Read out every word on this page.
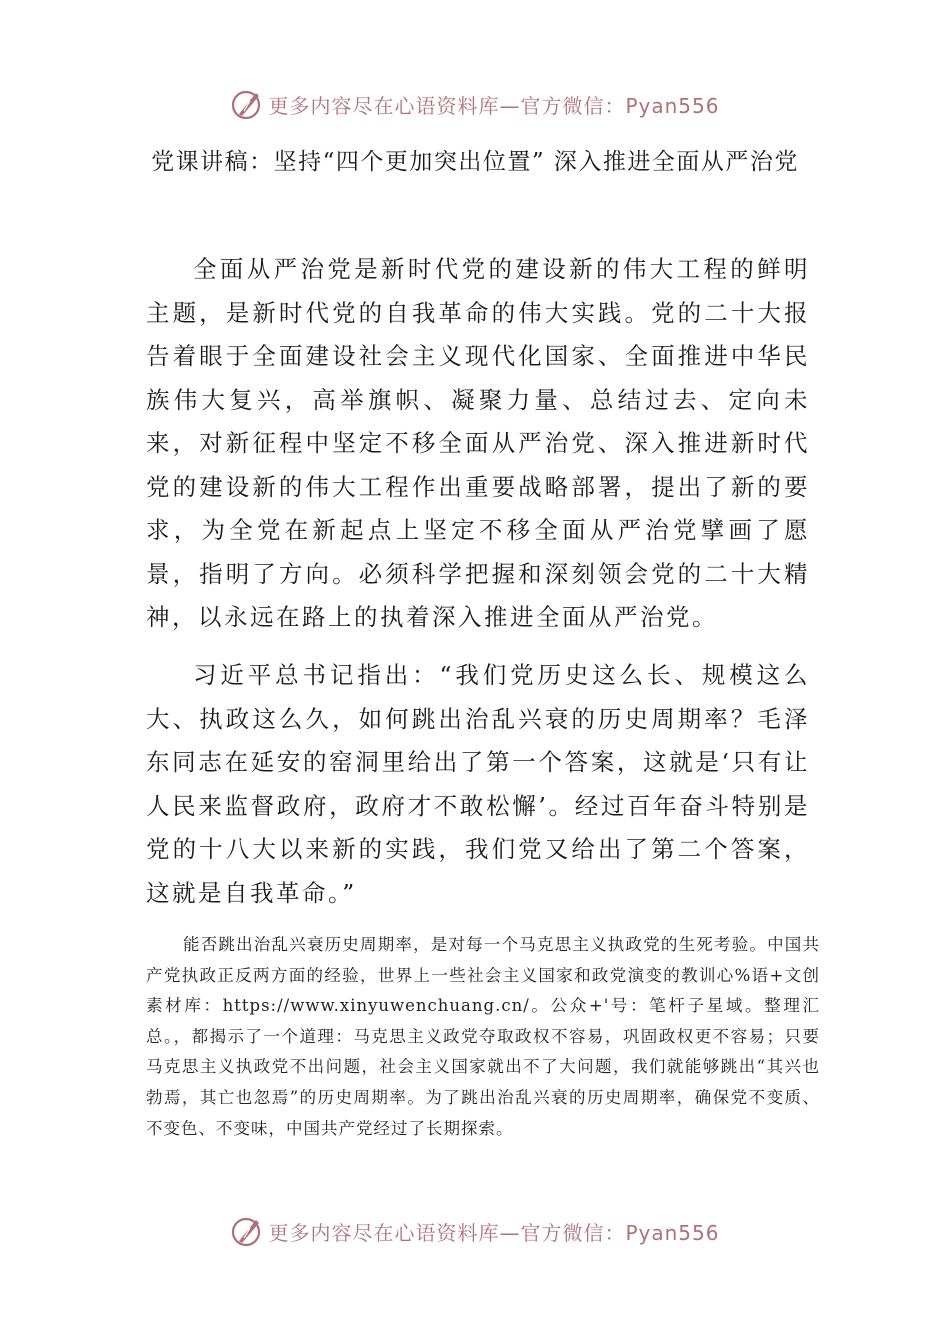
更多内容尽在心语资料库—官方微信：Pyan556
党课讲稿：坚持“四个更加突出位置” 深入推进全面从严治党

全面从严治党是新时代党的建设新的伟大工程的鲜明主题，是新时代党的自我革命的伟大实践。党的二十大报告着眼于全面建设社会主义现代化国家、全面推进中华民族伟大复兴，高举旗帜、凝聚力量、总结过去、定向未来，对新征程中坚定不移全面从严治党、深入推进新时代党的建设新的伟大工程作出重要战略部署，提出了新的要求，为全党在新起点上坚定不移全面从严治党擘画了愿景，指明了方向。必须科学把握和深刻领会党的二十大精神，以永远在路上的执着深入推进全面从严治党。

习近平总书记指出：“我们党历史这么长、规模这么大、执政这么久，如何跳出治乱兴衰的历史周期率？毛泽东同志在延安的窑洞里给出了第一个答案，这就是‘只有让人民来监督政府，政府才不敢松懈’。经过百年奋斗特别是党的十八大以来新的实践，我们党又给出了第二个答案，这就是自我革命。”

能否跳出治乱兴衰历史周期率，是对每一个马克思主义执政党的生死考验。中国共产党执政正反两方面的经验，世界上一些社会主义国家和政党演变的教训心%语+文创素材库：https://www.xinyuwenchuang.cn/。公众+'号：笔杆子星域。整理汇总。，都揭示了一个道理：马克思主义政党夺取政权不容易，巩固政权更不容易；只要马克思主义执政党不出问题，社会主义国家就出不了大问题，我们就能够跳出“其兴也勃焉，其亡也忽焉”的历史周期率。为了跳出治乱兴衰的历史周期率，确保党不变质、不变色、不变味，中国共产党经过了长期探索。

更多内容尽在心语资料库—官方微信：Pyan556
